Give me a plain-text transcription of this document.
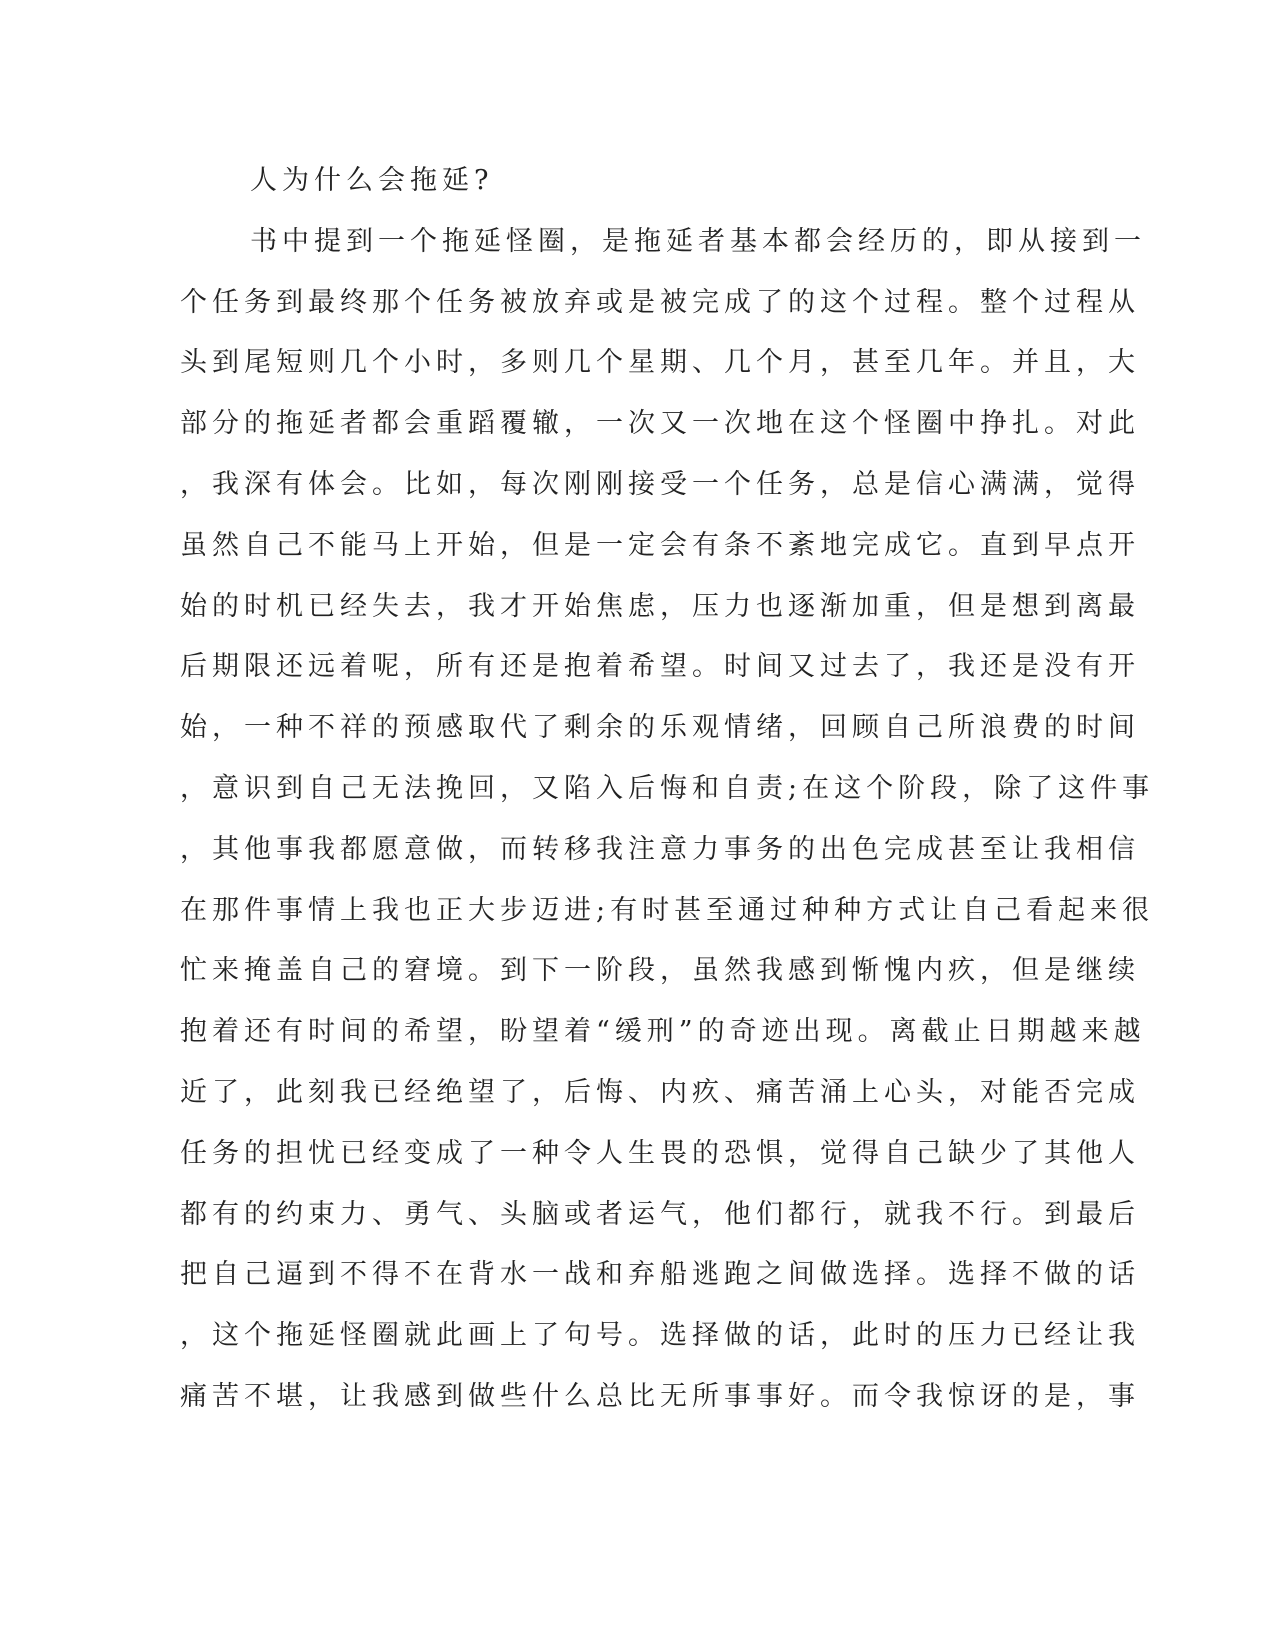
人为什么会拖延?
书中提到一个拖延怪圈，是拖延者基本都会经历的，即从接到一
个任务到最终那个任务被放弃或是被完成了的这个过程。整个过程从
头到尾短则几个小时，多则几个星期、几个月，甚至几年。并且，大
部分的拖延者都会重蹈覆辙，一次又一次地在这个怪圈中挣扎。对此
，我深有体会。比如，每次刚刚接受一个任务，总是信心满满，觉得
虽然自己不能马上开始，但是一定会有条不紊地完成它。直到早点开
始的时机已经失去，我才开始焦虑，压力也逐渐加重，但是想到离最
后期限还远着呢，所有还是抱着希望。时间又过去了，我还是没有开
始，一种不祥的预感取代了剩余的乐观情绪，回顾自己所浪费的时间
，意识到自己无法挽回，又陷入后悔和自责;在这个阶段，除了这件事
，其他事我都愿意做，而转移我注意力事务的出色完成甚至让我相信
在那件事情上我也正大步迈进;有时甚至通过种种方式让自己看起来很
忙来掩盖自己的窘境。到下一阶段，虽然我感到惭愧内疚，但是继续
抱着还有时间的希望，盼望着“缓刑”的奇迹出现。离截止日期越来越
近了，此刻我已经绝望了，后悔、内疚、痛苦涌上心头，对能否完成
任务的担忧已经变成了一种令人生畏的恐惧，觉得自己缺少了其他人
都有的约束力、勇气、头脑或者运气，他们都行，就我不行。到最后
把自己逼到不得不在背水一战和弃船逃跑之间做选择。选择不做的话
，这个拖延怪圈就此画上了句号。选择做的话，此时的压力已经让我
痛苦不堪，让我感到做些什么总比无所事事好。而令我惊讶的是，事
